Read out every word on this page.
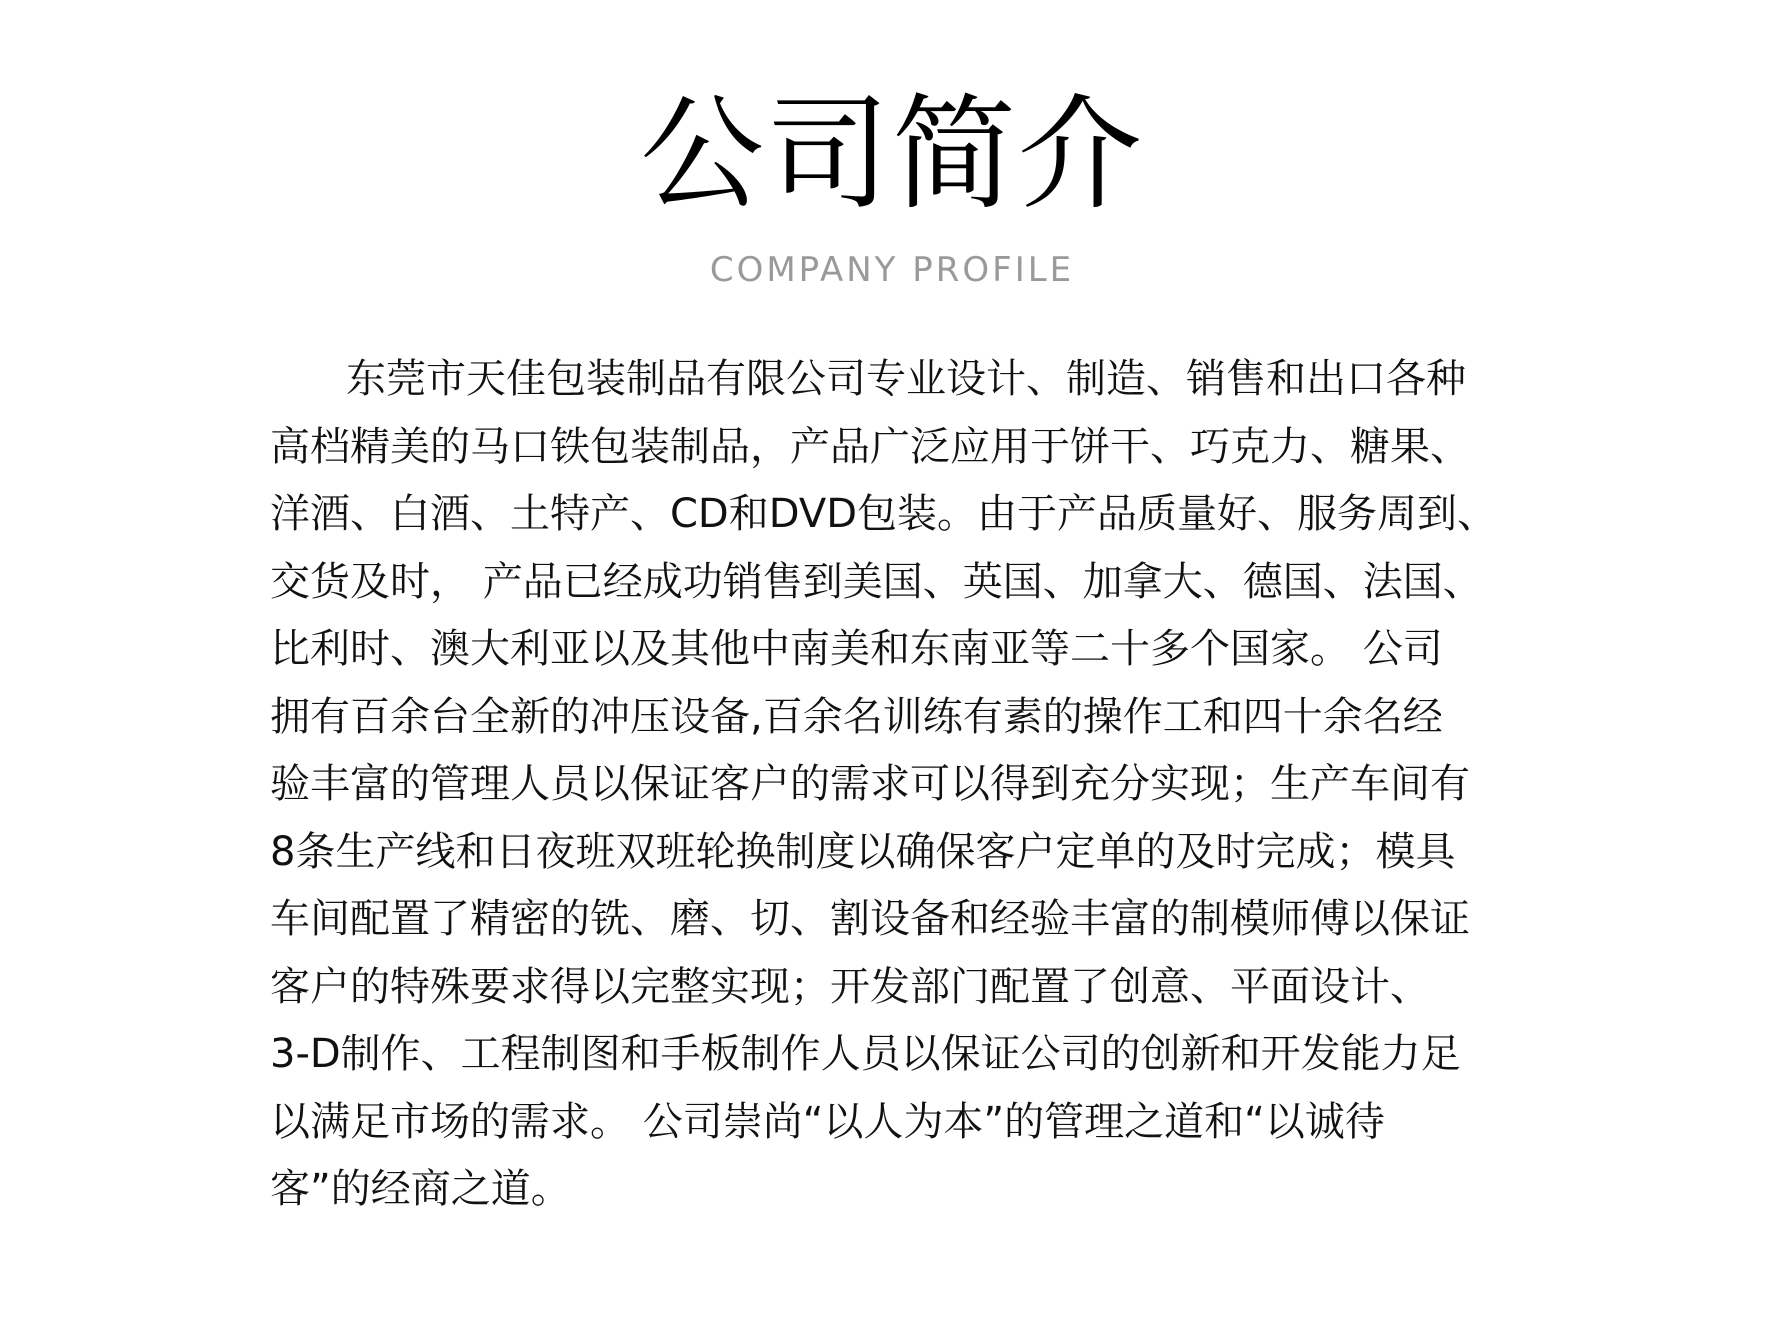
公司简介
COMPANY PROFILE
东莞市天佳包装制品有限公司专业设计、制造、销售和出口各种
高档精美的马口铁包装制品，产品广泛应用于饼干、巧克力、糖果、
洋酒、白酒、土特产、CD和DVD包装。由于产品质量好、服务周到、
交货及时， 产品已经成功销售到美国、英国、加拿大、德国、法国、
比利时、澳大利亚以及其他中南美和东南亚等二十多个国家。 公司
拥有百余台全新的冲压设备,百余名训练有素的操作工和四十余名经
验丰富的管理人员以保证客户的需求可以得到充分实现；生产车间有
8条生产线和日夜班双班轮换制度以确保客户定单的及时完成；模具
车间配置了精密的铣、磨、切、割设备和经验丰富的制模师傅以保证
客户的特殊要求得以完整实现；开发部门配置了创意、平面设计、
3-D制作、工程制图和手板制作人员以保证公司的创新和开发能力足
以满足市场的需求。 公司崇尚“以人为本”的管理之道和“以诚待
客”的经商之道。
